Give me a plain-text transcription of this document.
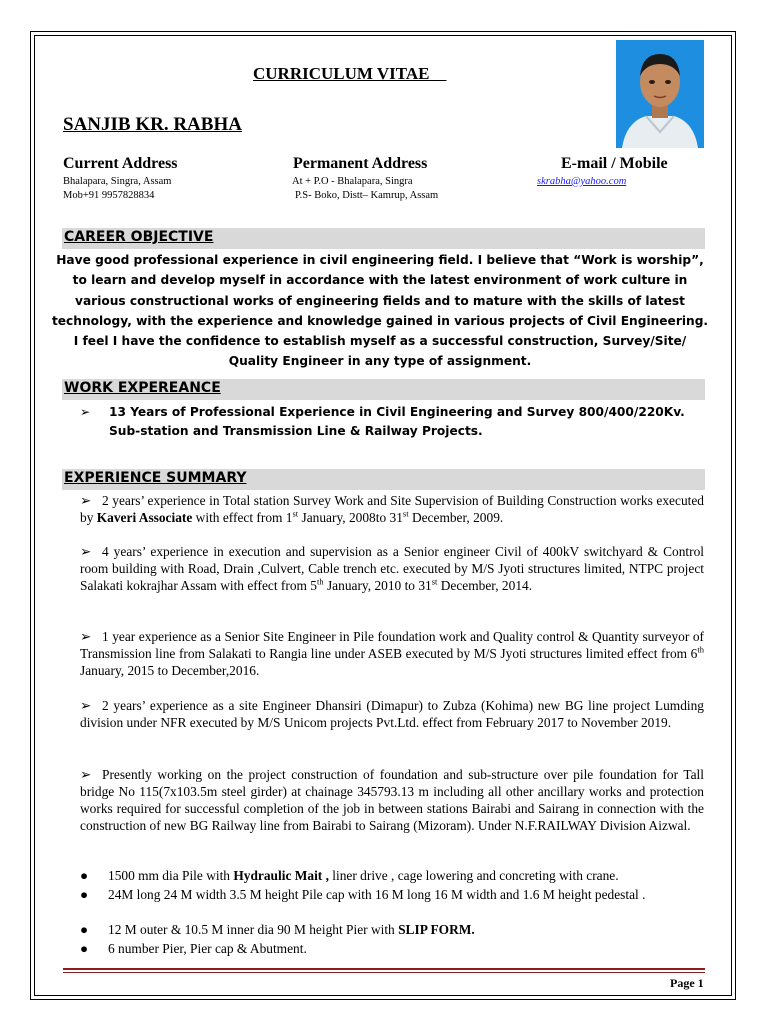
CURRICULUM VITAE
SANJIB KR. RABHA
Current Address
Bhalapara, Singra, Assam
Mob+91 9957828834
Permanent Address
At + P.O - Bhalapara, Singra
P.S- Boko, Distt– Kamrup, Assam
E-mail / Mobile
skrabha@yahoo.com
CAREER OBJECTIVE
Have good professional experience in civil engineering field. I believe that “Work is worship”,
to learn and develop myself in accordance with the latest environment of work culture in
various constructional works of engineering fields and to mature with the skills of latest
technology, with the experience and knowledge gained in various projects of Civil Engineering.
I feel I have the confidence to establish myself as a successful construction, Survey/Site/
Quality Engineer in any type of assignment.
WORK EXPEREANCE
➢ 13 Years of Professional Experience in Civil Engineering and Survey 800/400/220Kv.
Sub-station and Transmission Line & Railway Projects.
EXPERIENCE SUMMARY
➢ 2 years’ experience in Total station Survey Work and Site Supervision of Building Construction works executed by Kaveri Associate with effect from 1st January, 2008to 31st December, 2009.
➢ 4 years’ experience in execution and supervision as a Senior engineer Civil of 400kV switchyard & Control room building with Road, Drain ,Culvert, Cable trench etc. executed by M/S Jyoti structures limited, NTPC project Salakati kokrajhar Assam with effect from 5th January, 2010 to 31st December, 2014.
➢ 1 year experience as a Senior Site Engineer in Pile foundation work and Quality control & Quantity surveyor of Transmission line from Salakati to Rangia line under ASEB executed by M/S Jyoti structures limited effect from 6th January, 2015 to December,2016.
➢ 2 years’ experience as a site Engineer Dhansiri (Dimapur) to Zubza (Kohima) new BG line project Lumding division under NFR executed by M/S Unicom projects Pvt.Ltd. effect from February 2017 to November 2019.
➢ Presently working on the project construction of foundation and sub-structure over pile foundation for Tall bridge No 115(7x103.5m steel girder) at chainage 345793.13 m including all other ancillary works and protection works required for successful completion of the job in between stations Bairabi and Sairang in connection with the construction of new BG Railway line from Bairabi to Sairang (Mizoram). Under N.F.RAILWAY Division Aizwal.
● 1500 mm dia Pile with Hydraulic Mait , liner drive , cage lowering and concreting with crane.
● 24M long 24 M width 3.5 M height Pile cap with 16 M long 16 M width and 1.6 M height pedestal .
● 12 M outer & 10.5 M inner dia 90 M height Pier with SLIP FORM.
● 6 number Pier, Pier cap & Abutment.
Page 1
